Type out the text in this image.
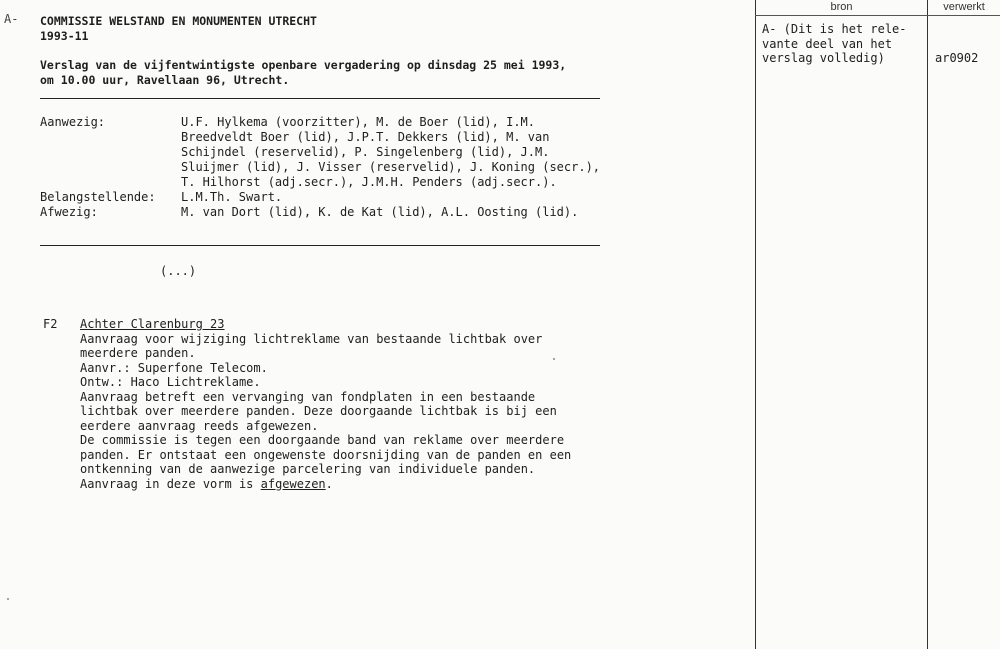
A- COMMISSIE WELSTAND EN MONUMENTEN UTRECHT
1993-11
Verslag van de vijfentwintigste openbare vergadering op dinsdag 25 mei 1993,
om 10.00 uur, Ravellaan 96, Utrecht.
Aanwezig:	U.F. Hylkema (voorzitter), M. de Boer (lid), I.M.
Breedveldt Boer (lid), J.P.T. Dekkers (lid), M. van
Schijndel (reservelid), P. Singelenberg (lid), J.M.
Sluijmer (lid), J. Visser (reservelid), J. Koning (secr.),
T. Hilhorst (adj.secr.), J.M.H. Penders (adj.secr.).
Belangstellende: L.M.Th. Swart.
Afwezig:	M. van Dort (lid), K. de Kat (lid), A.L. Oosting (lid).
(...)
F2 Achter Clarenburg 23
Aanvraag voor wijziging lichtreklame van bestaande lichtbak over
meerdere panden.
Aanvr.: Superfone Telecom.
Ontw.: Haco Lichtreklame.
Aanvraag betreft een vervanging van fondplaten in een bestaande
lichtbak over meerdere panden. Deze doorgaande lichtbak is bij een
eerdere aanvraag reeds afgewezen.
De commissie is tegen een doorgaande band van reklame over meerdere
panden. Er ontstaat een ongewenste doorsnijding van de panden en een
ontkenning van de aanwezige parcelering van individuele panden.
Aanvraag in deze vorm is afgewezen.
bron	verwerkt
A- (Dit is het rele-
vante deel van het
verslag volledig)	ar0902
